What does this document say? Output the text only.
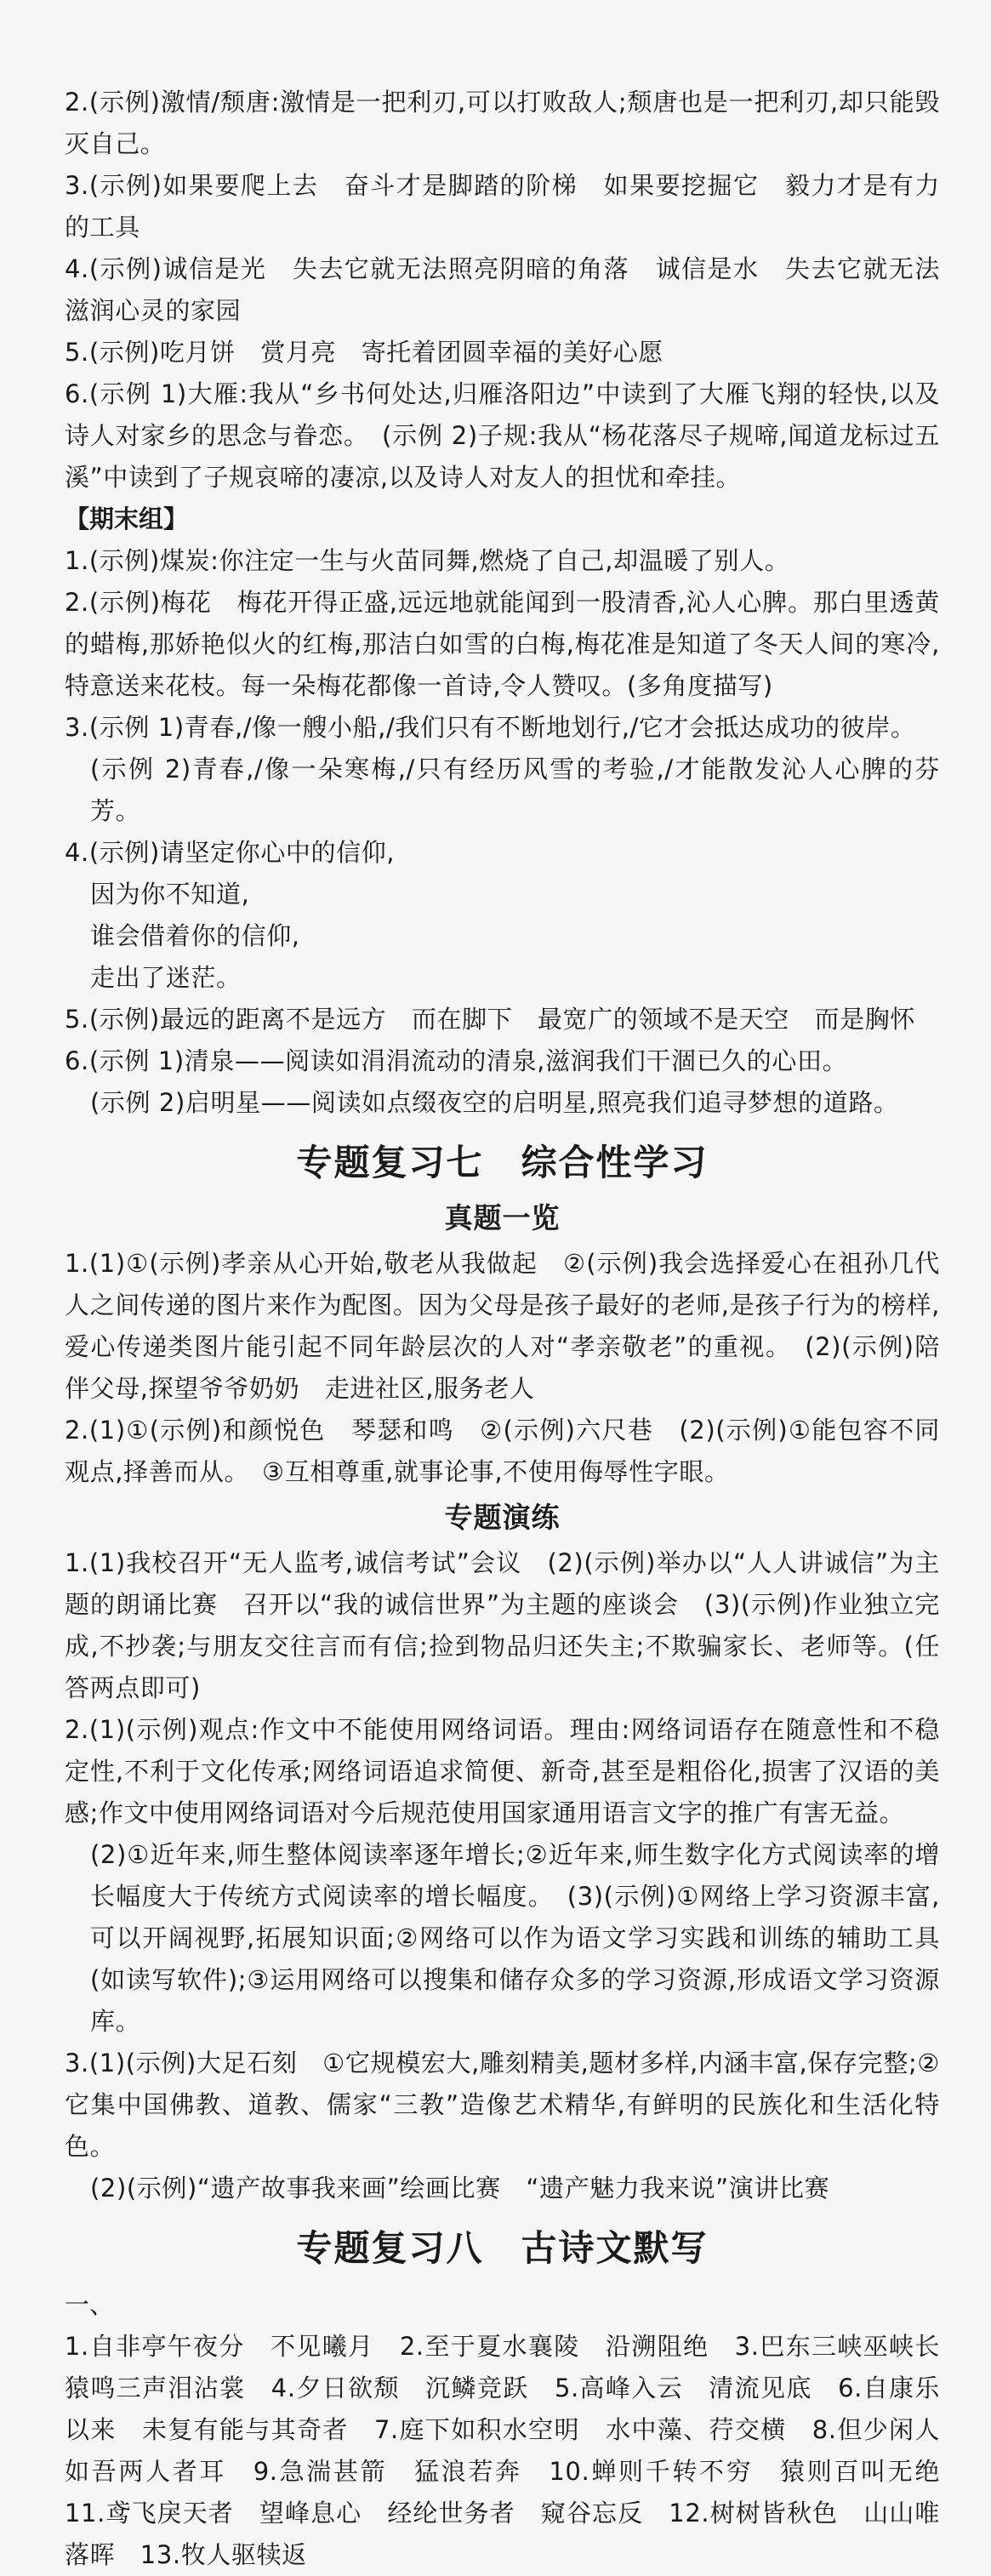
2.(示例)激情/颓唐:激情是一把利刃,可以打败敌人;颓唐也是一把利刃,却只能毁灭自己。

3.(示例)如果要爬上去　奋斗才是脚踏的阶梯　如果要挖掘它　毅力才是有力的工具

4.(示例)诚信是光　失去它就无法照亮阴暗的角落　诚信是水　失去它就无法滋润心灵的家园

5.(示例)吃月饼　赏月亮　寄托着团圆幸福的美好心愿

6.(示例 1)大雁:我从“乡书何处达,归雁洛阳边”中读到了大雁飞翔的轻快,以及诗人对家乡的思念与眷恋。　(示例 2)子规:我从“杨花落尽子规啼,闻道龙标过五溪”中读到了子规哀啼的凄凉,以及诗人对友人的担忧和牵挂。

【期末组】

1.(示例)煤炭:你注定一生与火苗同舞,燃烧了自己,却温暖了别人。

2.(示例)梅花　梅花开得正盛,远远地就能闻到一股清香,沁人心脾。那白里透黄的蜡梅,那娇艳似火的红梅,那洁白如雪的白梅,梅花准是知道了冬天人间的寒冷,特意送来花枝。每一朵梅花都像一首诗,令人赞叹。(多角度描写)

3.(示例 1)青春,/像一艘小船,/我们只有不断地划行,/它才会抵达成功的彼岸。

(示例 2)青春,/像一朵寒梅,/只有经历风雪的考验,/才能散发沁人心脾的芬芳。

4.(示例)请坚定你心中的信仰,

因为你不知道,

谁会借着你的信仰,

走出了迷茫。

5.(示例)最远的距离不是远方　而在脚下　最宽广的领域不是天空　而是胸怀

6.(示例 1)清泉——阅读如涓涓流动的清泉,滋润我们干涸已久的心田。

(示例 2)启明星——阅读如点缀夜空的启明星,照亮我们追寻梦想的道路。

专题复习七　综合性学习

真题一览

1.(1)①(示例)孝亲从心开始,敬老从我做起　②(示例)我会选择爱心在祖孙几代人之间传递的图片来作为配图。因为父母是孩子最好的老师,是孩子行为的榜样,爱心传递类图片能引起不同年龄层次的人对“孝亲敬老”的重视。　(2)(示例)陪伴父母,探望爷爷奶奶　走进社区,服务老人

2.(1)①(示例)和颜悦色　琴瑟和鸣　②(示例)六尺巷　(2)(示例)①能包容不同观点,择善而从。　③互相尊重,就事论事,不使用侮辱性字眼。

专题演练

1.(1)我校召开“无人监考,诚信考试”会议　(2)(示例)举办以“人人讲诚信”为主题的朗诵比赛　召开以“我的诚信世界”为主题的座谈会　(3)(示例)作业独立完成,不抄袭;与朋友交往言而有信;捡到物品归还失主;不欺骗家长、老师等。(任答两点即可)

2.(1)(示例)观点:作文中不能使用网络词语。理由:网络词语存在随意性和不稳定性,不利于文化传承;网络词语追求简便、新奇,甚至是粗俗化,损害了汉语的美感;作文中使用网络词语对今后规范使用国家通用语言文字的推广有害无益。

(2)①近年来,师生整体阅读率逐年增长;②近年来,师生数字化方式阅读率的增长幅度大于传统方式阅读率的增长幅度。　(3)(示例)①网络上学习资源丰富,可以开阔视野,拓展知识面;②网络可以作为语文学习实践和训练的辅助工具(如读写软件);③运用网络可以搜集和储存众多的学习资源,形成语文学习资源库。

3.(1)(示例)大足石刻　①它规模宏大,雕刻精美,题材多样,内涵丰富,保存完整;②它集中国佛教、道教、儒家“三教”造像艺术精华,有鲜明的民族化和生活化特色。

(2)(示例)“遗产故事我来画”绘画比赛　“遗产魅力我来说”演讲比赛

专题复习八　古诗文默写

一、

1.自非亭午夜分　不见曦月　2.至于夏水襄陵　沿溯阻绝　3.巴东三峡巫峡长　猿鸣三声泪沾裳　4.夕日欲颓　沉鳞竞跃　5.高峰入云　清流见底　6.自康乐以来　未复有能与其奇者　7.庭下如积水空明　水中藻、荇交横　8.但少闲人如吾两人者耳　9.急湍甚箭　猛浪若奔　10.蝉则千转不穷　猿则百叫无绝　11.鸢飞戾天者　望峰息心　经纶世务者　窥谷忘反　12.树树皆秋色　山山唯落晖　13.牧人驱犊返
